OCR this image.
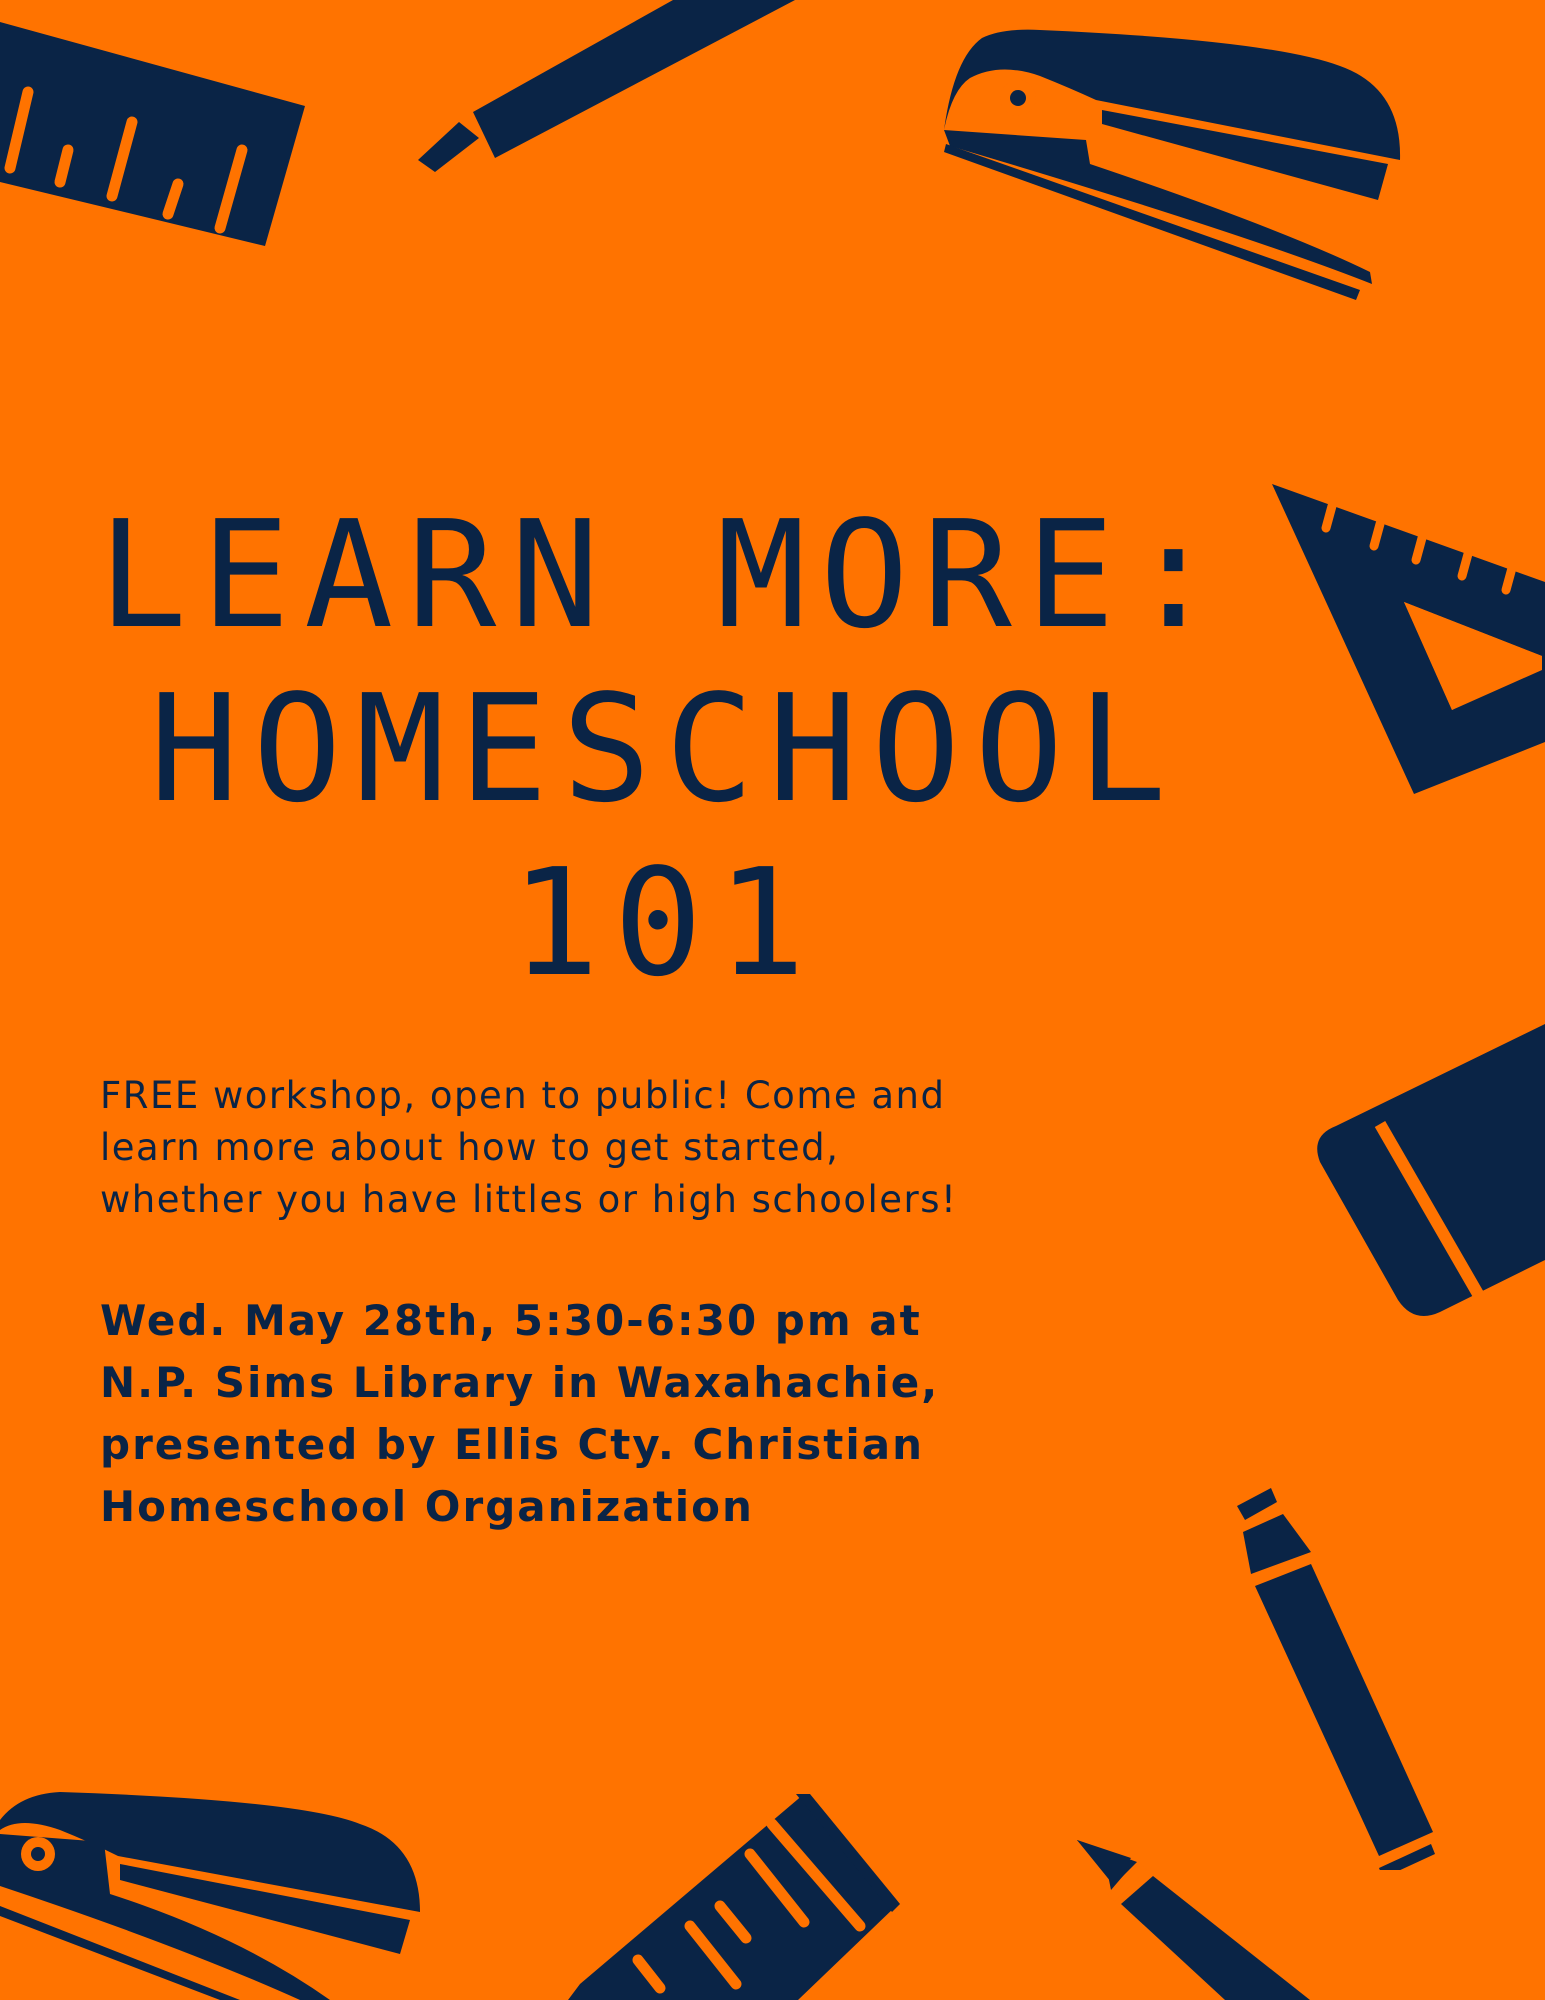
LEARN MORE:
HOMESCHOOL
101
FREE workshop, open to public! Come and
learn more about how to get started,
whether you have littles or high schoolers!
Wed. May 28th, 5:30-6:30 pm at
N.P. Sims Library in Waxahachie,
presented by Ellis Cty. Christian
Homeschool Organization
